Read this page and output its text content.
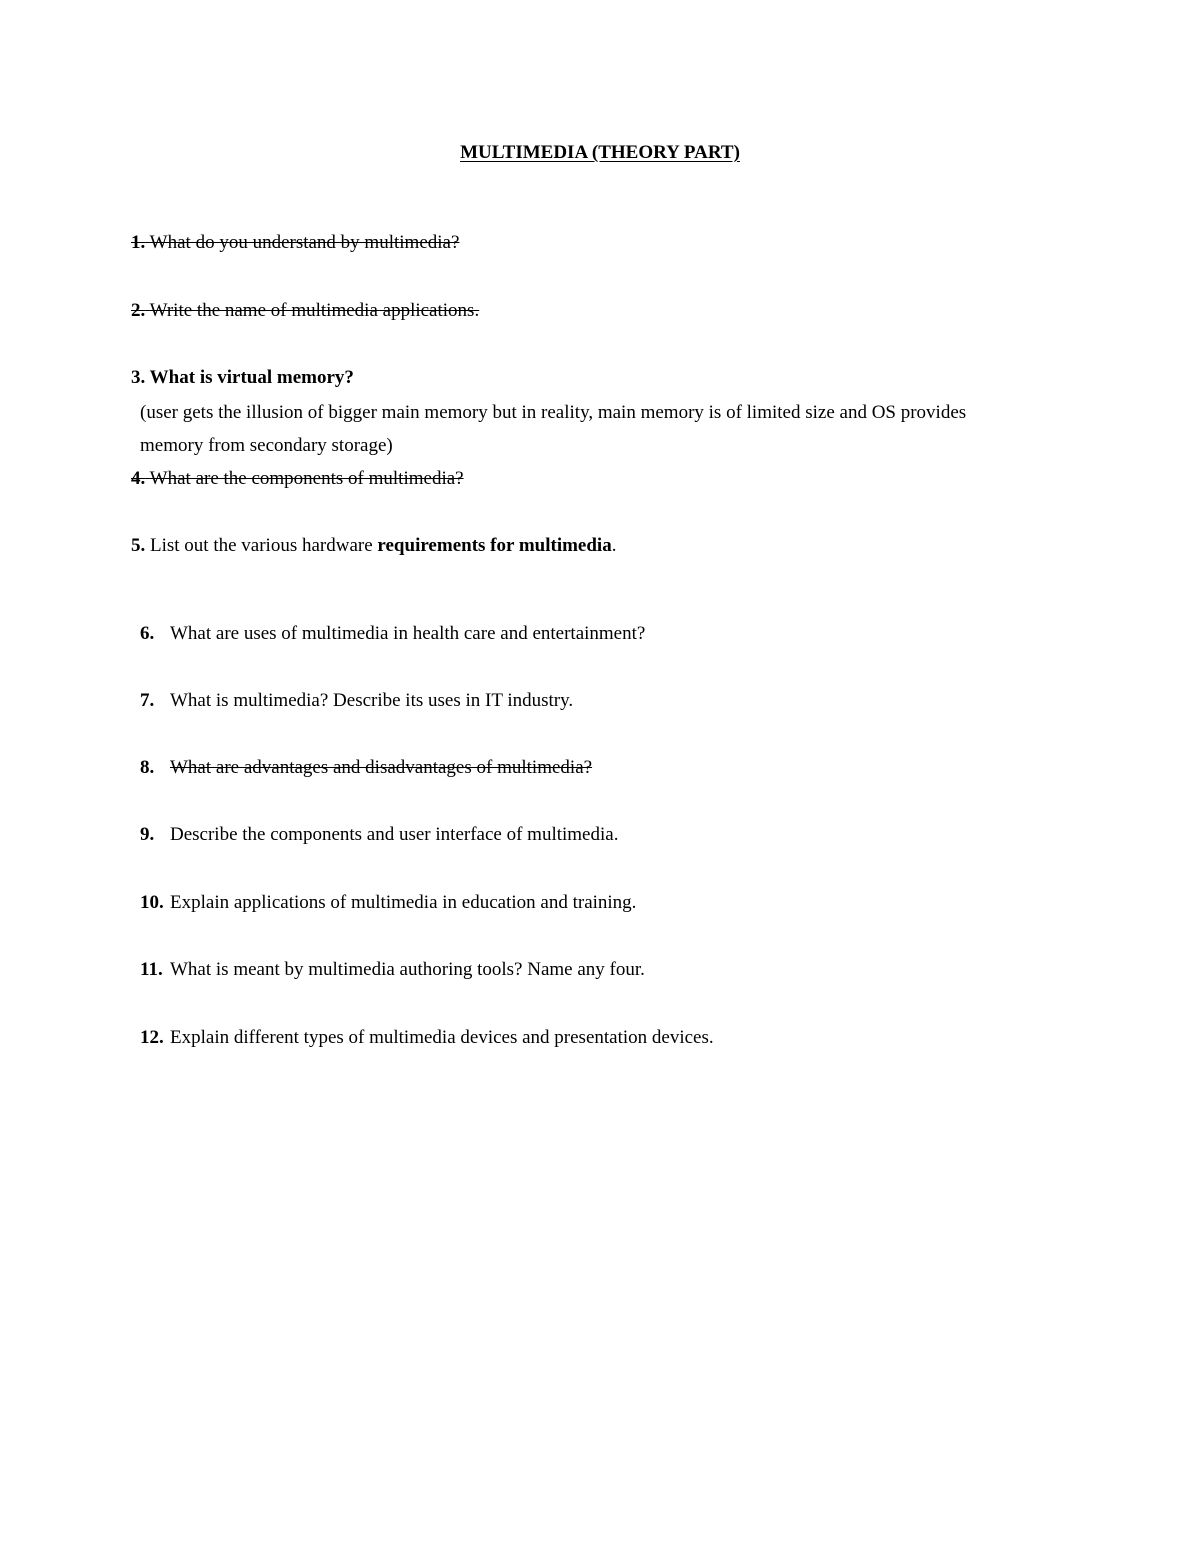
MULTIMEDIA (THEORY PART)

1. What do you understand by multimedia?

2. Write the name of multimedia applications.

3. What is virtual memory?

(user gets the illusion of bigger main memory but in reality, main memory is of limited size and OS provides
memory from secondary storage)

4. What are the components of multimedia?

5. List out the various hardware requirements for multimedia.

6. What are uses of multimedia in health care and entertainment?

7. What is multimedia? Describe its uses in IT industry.

8. What are advantages and disadvantages of multimedia?

9. Describe the components and user interface of multimedia.

10. Explain applications of multimedia in education and training.

11. What is meant by multimedia authoring tools? Name any four.

12. Explain different types of multimedia devices and presentation devices.
